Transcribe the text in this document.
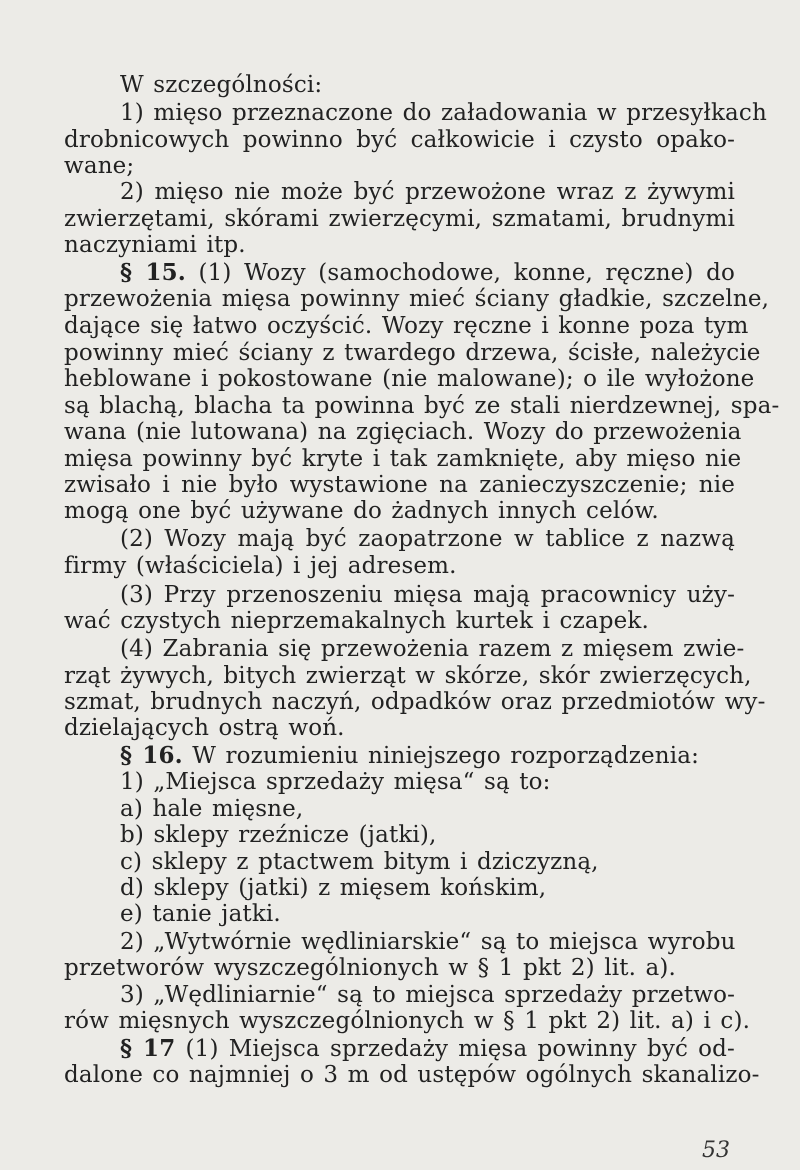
W szczególności:
1) mięso przeznaczone do załadowania w przesyłkach
drobnicowych powinno być całkowicie i czysto opako-
wane;
2) mięso nie może być przewożone wraz z żywymi
zwierzętami, skórami zwierzęcymi, szmatami, brudnymi
naczyniami itp.
§ 15. (1) Wozy (samochodowe, konne, ręczne) do
przewożenia mięsa powinny mieć ściany gładkie, szczelne,
dające się łatwo oczyścić. Wozy ręczne i konne poza tym
powinny mieć ściany z twardego drzewa, ścisłe, należycie
heblowane i pokostowane (nie malowane); o ile wyłożone
są blachą, blacha ta powinna być ze stali nierdzewnej, spa-
wana (nie lutowana) na zgięciach. Wozy do przewożenia
mięsa powinny być kryte i tak zamknięte, aby mięso nie
zwisało i nie było wystawione na zanieczyszczenie; nie
mogą one być używane do żadnych innych celów.
(2) Wozy mają być zaopatrzone w tablice z nazwą
firmy (właściciela) i jej adresem.
(3) Przy przenoszeniu mięsa mają pracownicy uży-
wać czystych nieprzemakalnych kurtek i czapek.
(4) Zabrania się przewożenia razem z mięsem zwie-
rząt żywych, bitych zwierząt w skórze, skór zwierzęcych,
szmat, brudnych naczyń, odpadków oraz przedmiotów wy-
dzielających ostrą woń.
§ 16. W rozumieniu niniejszego rozporządzenia:
1) „Miejsca sprzedaży mięsa“ są to:
a) hale mięsne,
b) sklepy rzeźnicze (jatki),
c) sklepy z ptactwem bitym i dziczyzną,
d) sklepy (jatki) z mięsem końskim,
e) tanie jatki.
2) „Wytwórnie wędliniarskie“ są to miejsca wyrobu
przetworów wyszczególnionych w § 1 pkt 2) lit. a).
3) „Wędliniarnie“ są to miejsca sprzedaży przetwo-
rów mięsnych wyszczególnionych w § 1 pkt 2) lit. a) i c).
§ 17 (1) Miejsca sprzedaży mięsa powinny być od-
dalone co najmniej o 3 m od ustępów ogólnych skanalizo-
53
